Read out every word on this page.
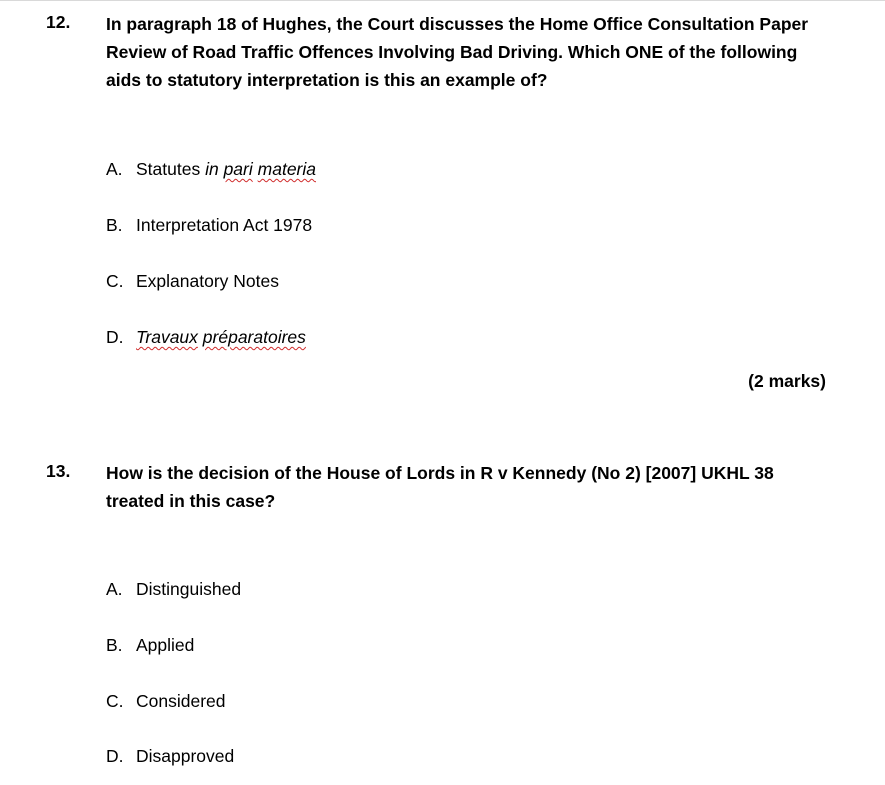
12. In paragraph 18 of Hughes, the Court discusses the Home Office Consultation Paper Review of Road Traffic Offences Involving Bad Driving. Which ONE of the following aids to statutory interpretation is this an example of?
A. Statutes in pari materia
B. Interpretation Act 1978
C. Explanatory Notes
D. Travaux préparatoires
(2 marks)
13. How is the decision of the House of Lords in R v Kennedy (No 2) [2007] UKHL 38 treated in this case?
A. Distinguished
B. Applied
C. Considered
D. Disapproved
